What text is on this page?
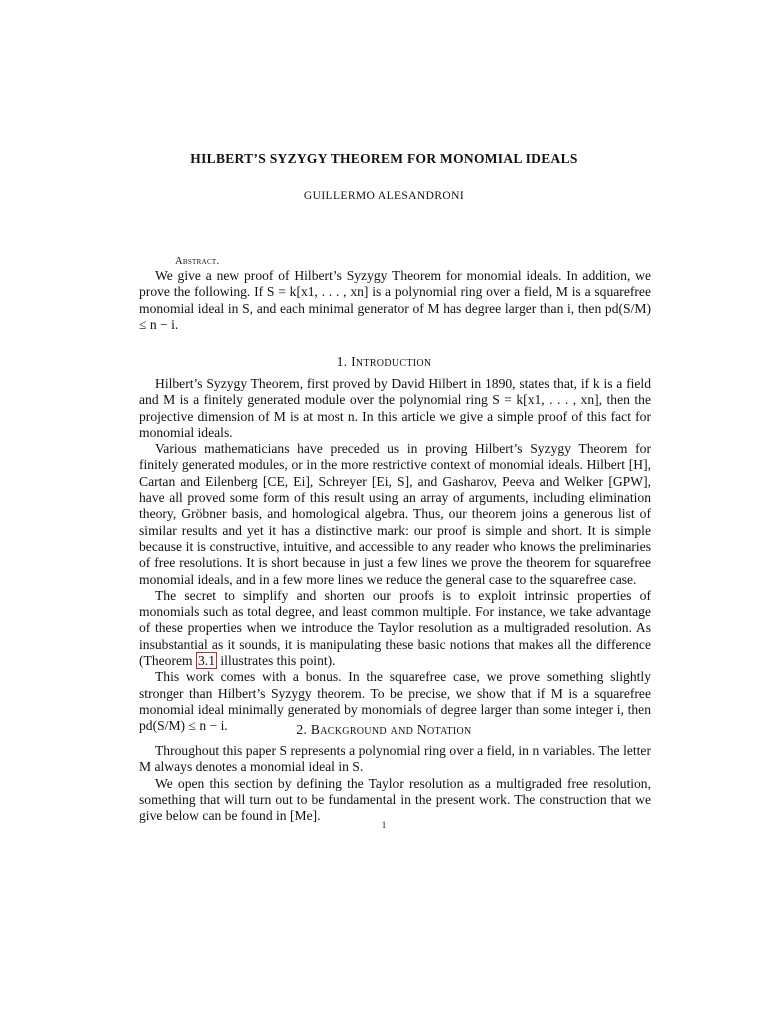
HILBERT’S SYZYGY THEOREM FOR MONOMIAL IDEALS
GUILLERMO ALESANDRONI
Abstract.

We give a new proof of Hilbert’s Syzygy Theorem for monomial ideals. In addition, we prove the following. If S = k[x1, . . . , xn] is a polynomial ring over a field, M is a squarefree monomial ideal in S, and each minimal generator of M has degree larger than i, then pd(S/M) ≤ n − i.

1. Introduction

Hilbert’s Syzygy Theorem, first proved by David Hilbert in 1890, states that, if k is a field and M is a finitely generated module over the polynomial ring S = k[x1, . . . , xn], then the projective dimension of M is at most n. In this article we give a simple proof of this fact for monomial ideals.

Various mathematicians have preceded us in proving Hilbert’s Syzygy Theorem for finitely generated modules, or in the more restrictive context of monomial ideals. Hilbert [H], Cartan and Eilenberg [CE, Ei], Schreyer [Ei, S], and Gasharov, Peeva and Welker [GPW], have all proved some form of this result using an array of arguments, including elimination theory, Gröbner basis, and homological algebra. Thus, our theorem joins a generous list of similar results and yet it has a distinctive mark: our proof is simple and short. It is simple because it is constructive, intuitive, and accessible to any reader who knows the preliminaries of free resolutions. It is short because in just a few lines we prove the theorem for squarefree monomial ideals, and in a few more lines we reduce the general case to the squarefree case.

The secret to simplify and shorten our proofs is to exploit intrinsic properties of monomials such as total degree, and least common multiple. For instance, we take advantage of these properties when we introduce the Taylor resolution as a multigraded resolution. As insubstantial as it sounds, it is manipulating these basic notions that makes all the difference (Theorem 3.1 illustrates this point).

This work comes with a bonus. In the squarefree case, we prove something slightly stronger than Hilbert’s Syzygy theorem. To be precise, we show that if M is a squarefree monomial ideal minimally generated by monomials of degree larger than some integer i, then pd(S/M) ≤ n − i.	2. Background and Notation

Throughout this paper S represents a polynomial ring over a field, in n variables. The letter M always denotes a monomial ideal in S.

We open this section by defining the Taylor resolution as a multigraded free resolution, something that will turn out to be fundamental in the present work. The construction that we give below can be found in [Me].

1
